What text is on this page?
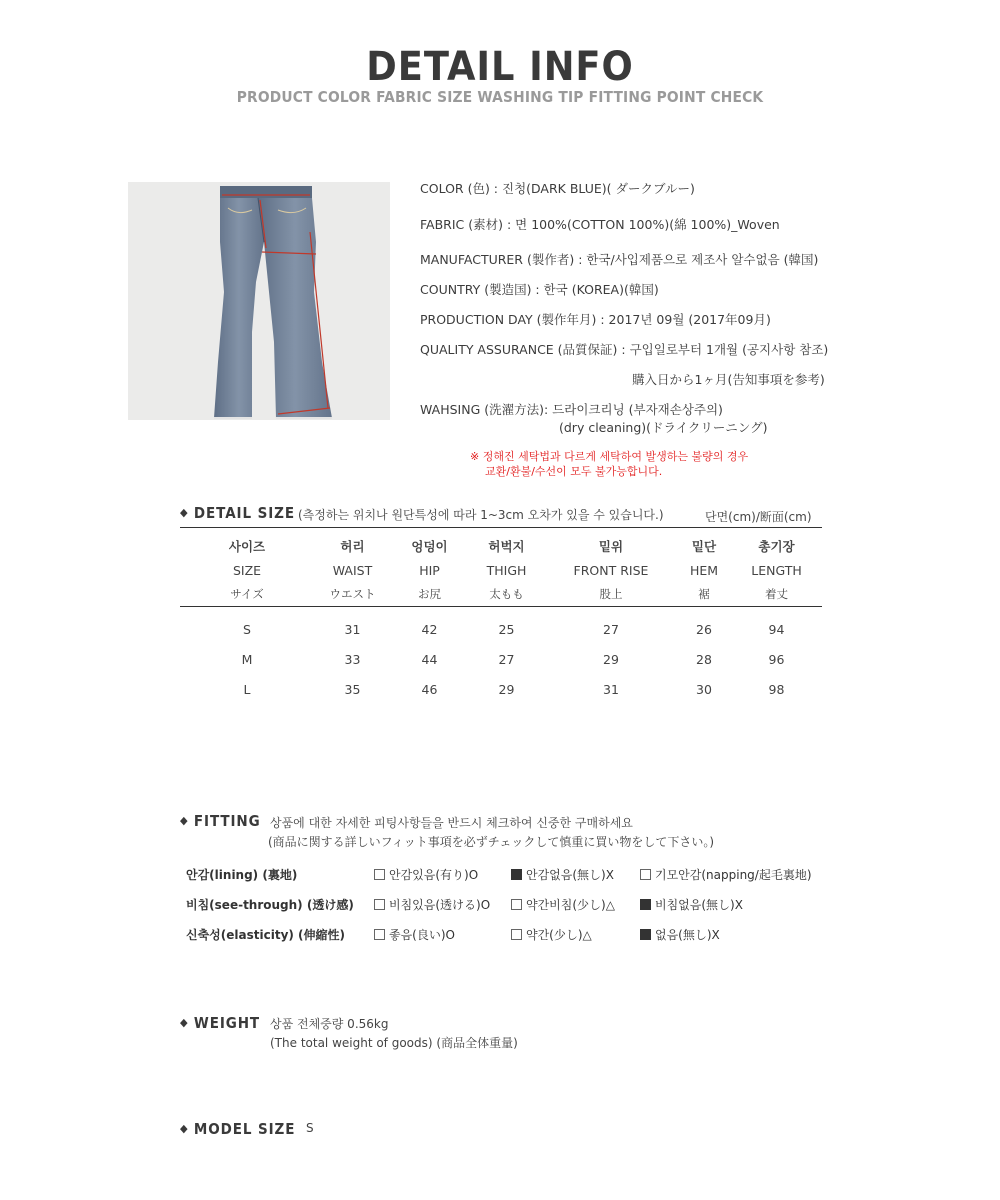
DETAIL INFO
PRODUCT COLOR FABRIC SIZE WASHING TIP FITTING POINT CHECK
COLOR (色) : 진청(DARK BLUE)( ダークブルー)
FABRIC (素材) : 면 100%(COTTON 100%)(綿 100%)_Woven
MANUFACTURER (製作者) : 한국/사입제품으로 제조사 알수없음 (韓国)
COUNTRY (製造国) : 한국 (KOREA)(韓国)
PRODUCTION DAY (製作年月) : 2017년 09월 (2017年09月)
QUALITY ASSURANCE (品質保証) : 구입일로부터 1개월 (공지사항 참조)
購入日から1ヶ月(告知事項を参考)
WAHSING (洗濯方法): 드라이크리닝 (부자재손상주의)
(dry cleaning)(ドライクリーニング)
※ 정해진 세탁법과 다르게 세탁하여 발생하는 불량의 경우
교환/환불/수선이 모두 불가능합니다.
◆ DETAIL SIZE (측정하는 위치나 원단특성에 따라 1~3cm 오차가 있을 수 있습니다.)	단면(cm)/断面(cm)
사이즈	허리	엉덩이	허벅지	밑위	밑단	총기장
SIZE	WAIST	HIP	THIGH	FRONT RISE	HEM	LENGTH
サイズ	ウエスト	お尻	太もも	股上	裾	着丈
S	31	42	25	27	26	94
M	33	44	27	29	28	96
L	35	46	29	31	30	98
◆ FITTING 상품에 대한 자세한 피팅사항들을 반드시 체크하여 신중한 구매하세요
(商品に関する詳しいフィット事項を必ずチェックして慎重に買い物をして下さい。)
안감(lining) (裏地)	안감있음(有り)O	안감없음(無し)X	기모안감(napping/起毛裏地)
비침(see-through) (透け感)	비침있음(透ける)O	약간비침(少し)△	비침없음(無し)X
신축성(elasticity) (伸縮性)	좋음(良い)O	약간(少し)△	없음(無し)X
◆ WEIGHT 상품 전체중량 0.56kg
(The total weight of goods) (商品全体重量)
◆ MODEL SIZE S
